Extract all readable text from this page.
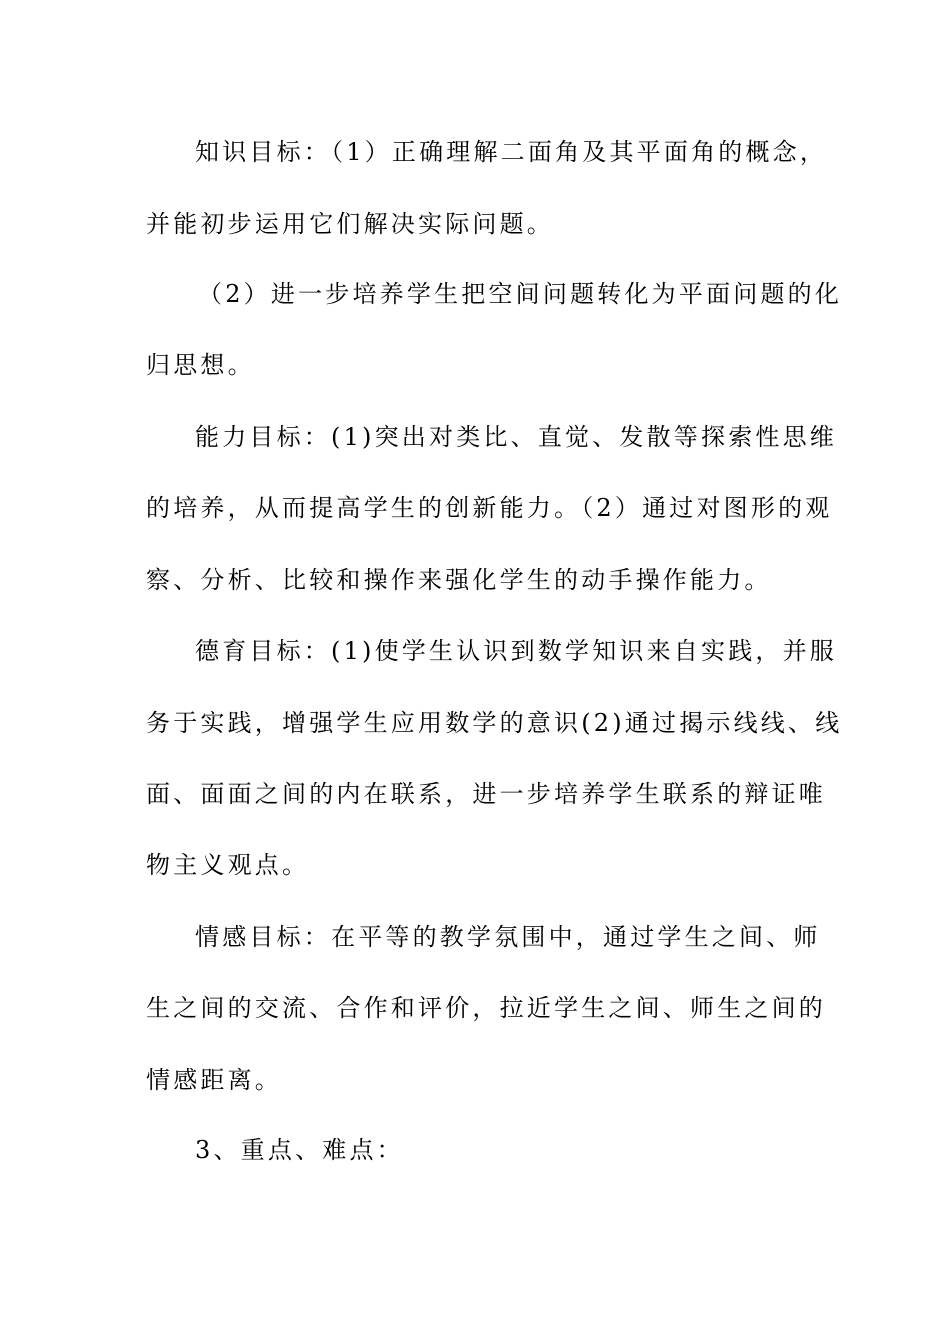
知识目标：（1）正确理解二面角及其平面角的概念，
并能初步运用它们解决实际问题。
（2）进一步培养学生把空间问题转化为平面问题的化
归思想。
能力目标：(1)突出对类比、直觉、发散等探索性思维
的培养，从而提高学生的创新能力。（2）通过对图形的观
察、分析、比较和操作来强化学生的动手操作能力。
德育目标：(1)使学生认识到数学知识来自实践，并服
务于实践，增强学生应用数学的意识(2)通过揭示线线、线
面、面面之间的内在联系，进一步培养学生联系的辩证唯
物主义观点。
情感目标：在平等的教学氛围中，通过学生之间、师
生之间的交流、合作和评价，拉近学生之间、师生之间的
情感距离。
3、重点、难点：
